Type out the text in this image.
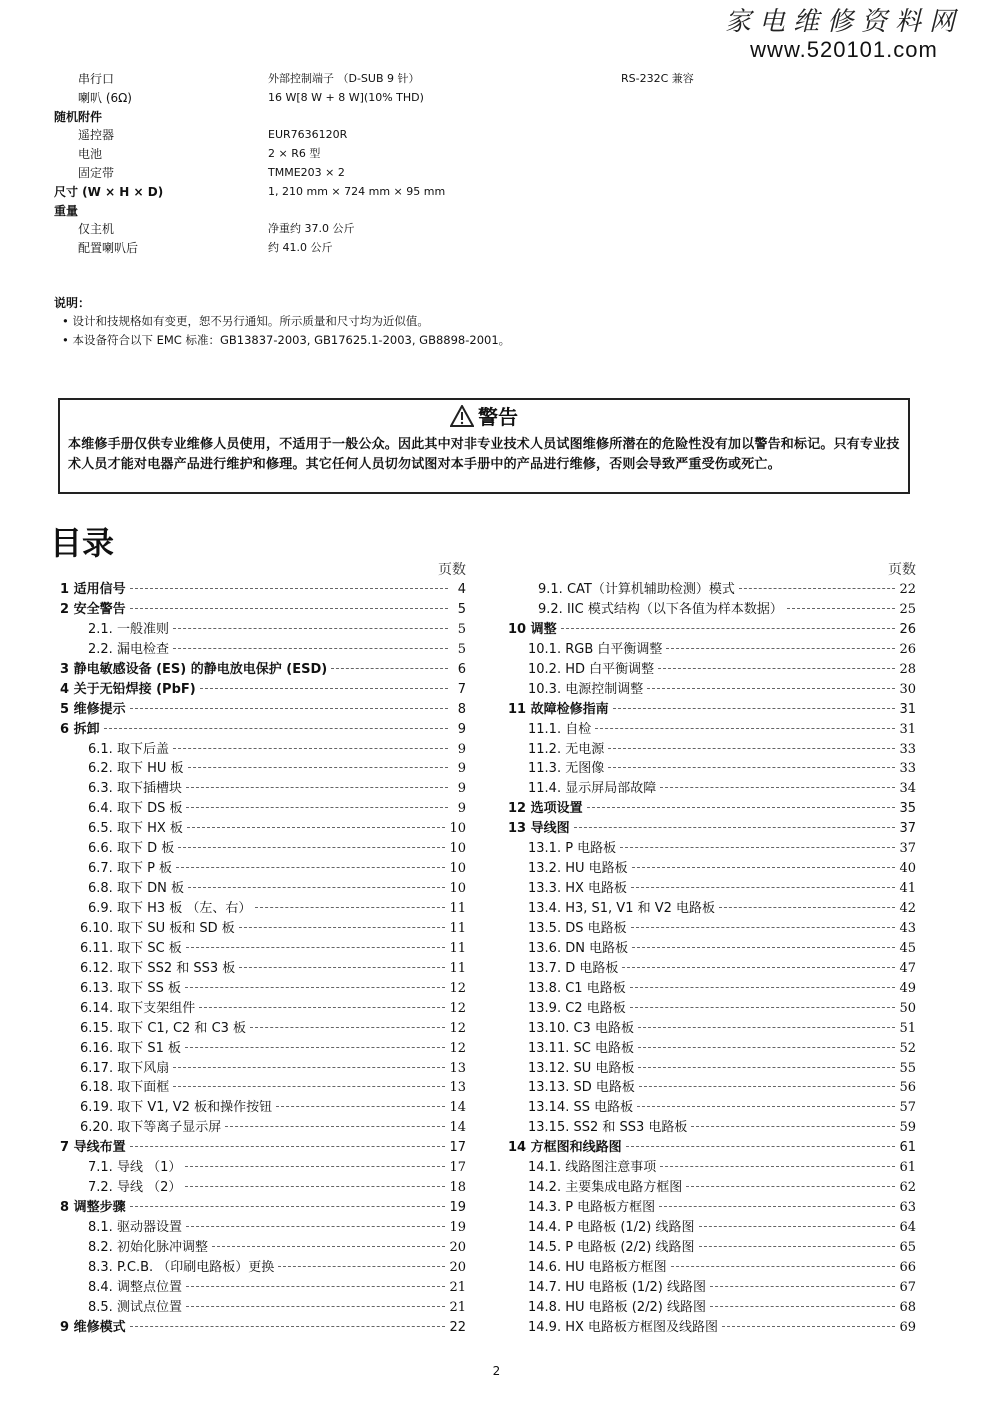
家电维修资料网
www.520101.com
串行口	外部控制端子 （D-SUB 9 针）	RS-232C 兼容
喇叭 (6Ω)	16 W[8 W + 8 W](10% THD)
随机附件
遥控器	EUR7636120R
电池	2 × R6 型
固定带	TMME203 × 2
尺寸 (W × H × D)	1, 210 mm × 724 mm × 95 mm
重量
仅主机	净重约 37.0 公斤
配置喇叭后	约 41.0 公斤
说明：
• 设计和技规格如有变更，恕不另行通知。所示质量和尺寸均为近似值。
• 本设备符合以下 EMC 标准：GB13837-2003, GB17625.1-2003, GB8898-2001。
警告
本维修手册仅供专业维修人员使用，不适用于一般公众。因此其中对非专业技术人员试图维修所潜在的危险性没有加以警告和标记。只有专业技术人员才能对电器产品进行维护和修理。其它任何人员切勿试图对本手册中的产品进行维修，否则会导致严重受伤或死亡。
目录
页数
1 适用信号	4
2 安全警告	5
2.1. 一般准则	5
2.2. 漏电检查	5
3 静电敏感设备 (ES) 的静电放电保护 (ESD)	6
4 关于无铅焊接 (PbF)	7
5 维修提示	8
6 拆卸	9
6.1. 取下后盖	9
6.2. 取下 HU 板	9
6.3. 取下插槽块	9
6.4. 取下 DS 板	9
6.5. 取下 HX 板	10
6.6. 取下 D 板	10
6.7. 取下 P 板	10
6.8. 取下 DN 板	10
6.9. 取下 H3 板 （左、右）	11
6.10. 取下 SU 板和 SD 板	11
6.11. 取下 SC 板	11
6.12. 取下 SS2 和 SS3 板	11
6.13. 取下 SS 板	12
6.14. 取下支架组件	12
6.15. 取下 C1, C2 和 C3 板	12
6.16. 取下 S1 板	12
6.17. 取下风扇	13
6.18. 取下面框	13
6.19. 取下 V1, V2 板和操作按钮	14
6.20. 取下等离子显示屏	14
7 导线布置	17
7.1. 导线 （1）	17
7.2. 导线 （2）	18
8 调整步骤	19
8.1. 驱动器设置	19
8.2. 初始化脉冲调整	20
8.3. P.C.B. （印刷电路板）更换	20
8.4. 调整点位置	21
8.5. 测试点位置	21
9 维修模式	22
页数
9.1. CAT（计算机辅助检测）模式	22
9.2. IIC 模式结构（以下各值为样本数据）	25
10 调整	26
10.1. RGB 白平衡调整	26
10.2. HD 白平衡调整	28
10.3. 电源控制调整	30
11 故障检修指南	31
11.1. 自检	31
11.2. 无电源	33
11.3. 无图像	33
11.4. 显示屏局部故障	34
12 选项设置	35
13 导线图	37
13.1. P 电路板	37
13.2. HU 电路板	40
13.3. HX 电路板	41
13.4. H3, S1, V1 和 V2 电路板	42
13.5. DS 电路板	43
13.6. DN 电路板	45
13.7. D 电路板	47
13.8. C1 电路板	49
13.9. C2 电路板	50
13.10. C3 电路板	51
13.11. SC 电路板	52
13.12. SU 电路板	55
13.13. SD 电路板	56
13.14. SS 电路板	57
13.15. SS2 和 SS3 电路板	59
14 方框图和线路图	61
14.1. 线路图注意事项	61
14.2. 主要集成电路方框图	62
14.3. P 电路板方框图	63
14.4. P 电路板 (1/2) 线路图	64
14.5. P 电路板 (2/2) 线路图	65
14.6. HU 电路板方框图	66
14.7. HU 电路板 (1/2) 线路图	67
14.8. HU 电路板 (2/2) 线路图	68
14.9. HX 电路板方框图及线路图	69
2
